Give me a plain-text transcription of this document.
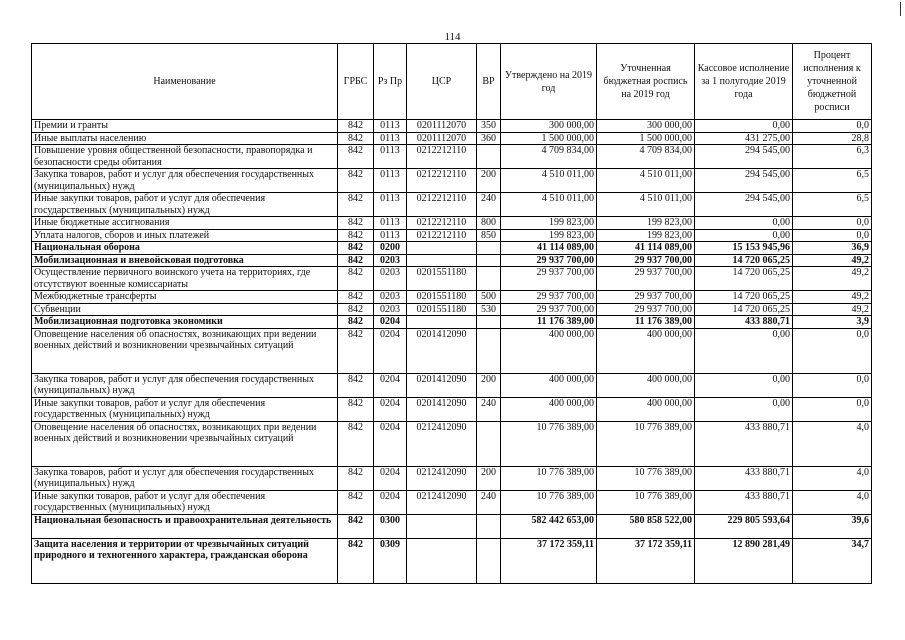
114
Наименование	ГРБС	Рз Пр	ЦСР	ВР	Утверждено на 2019 год	Уточненная бюджетная роспись на 2019 год	Кассовое исполнение за 1 полугодие 2019 года	Процент исполнения к уточненной бюджетной росписи
Премии и гранты	842	0113	0201112070	350	300 000,00	300 000,00	0,00	0,0
Иные выплаты населению	842	0113	0201112070	360	1 500 000,00	1 500 000,00	431 275,00	28,8
Повышение уровня общественной безопасности, правопорядка и безопасности среды обитания	842	0113	0212212110		4 709 834,00	4 709 834,00	294 545,00	6,3
Закупка товаров, работ и услуг для обеспечения государственных (муниципальных) нужд	842	0113	0212212110	200	4 510 011,00	4 510 011,00	294 545,00	6,5
Иные закупки товаров, работ и услуг для обеспечения государственных (муниципальных) нужд	842	0113	0212212110	240	4 510 011,00	4 510 011,00	294 545,00	6,5
Иные бюджетные ассигнования	842	0113	0212212110	800	199 823,00	199 823,00	0,00	0,0
Уплата налогов, сборов и иных платежей	842	0113	0212212110	850	199 823,00	199 823,00	0,00	0,0
Национальная оборона	842	0200			41 114 089,00	41 114 089,00	15 153 945,96	36,9
Мобилизационная и вневойсковая подготовка	842	0203			29 937 700,00	29 937 700,00	14 720 065,25	49,2
Осуществление первичного воинского учета на территориях, где отсутствуют военные комиссариаты	842	0203	0201551180		29 937 700,00	29 937 700,00	14 720 065,25	49,2
Межбюджетные трансферты	842	0203	0201551180	500	29 937 700,00	29 937 700,00	14 720 065,25	49,2
Субвенции	842	0203	0201551180	530	29 937 700,00	29 937 700,00	14 720 065,25	49,2
Мобилизационная подготовка экономики	842	0204			11 176 389,00	11 176 389,00	433 880,71	3,9
Оповещение населения об опасностях, возникающих при ведении военных действий и возникновении чрезвычайных ситуаций	842	0204	0201412090		400 000,00	400 000,00	0,00	0,0
Закупка товаров, работ и услуг для обеспечения государственных (муниципальных) нужд	842	0204	0201412090	200	400 000,00	400 000,00	0,00	0,0
Иные закупки товаров, работ и услуг для обеспечения государственных (муниципальных) нужд	842	0204	0201412090	240	400 000,00	400 000,00	0,00	0,0
Оповещение населения об опасностях, возникающих при ведении военных действий и возникновении чрезвычайных ситуаций	842	0204	0212412090		10 776 389,00	10 776 389,00	433 880,71	4,0
Закупка товаров, работ и услуг для обеспечения государственных (муниципальных) нужд	842	0204	0212412090	200	10 776 389,00	10 776 389,00	433 880,71	4,0
Иные закупки товаров, работ и услуг для обеспечения государственных (муниципальных) нужд	842	0204	0212412090	240	10 776 389,00	10 776 389,00	433 880,71	4,0
Национальная безопасность и правоохранительная деятельность	842	0300			582 442 653,00	580 858 522,00	229 805 593,64	39,6
Защита населения и территории от чрезвычайных ситуаций природного и техногенного характера, гражданская оборона	842	0309			37 172 359,11	37 172 359,11	12 890 281,49	34,7
